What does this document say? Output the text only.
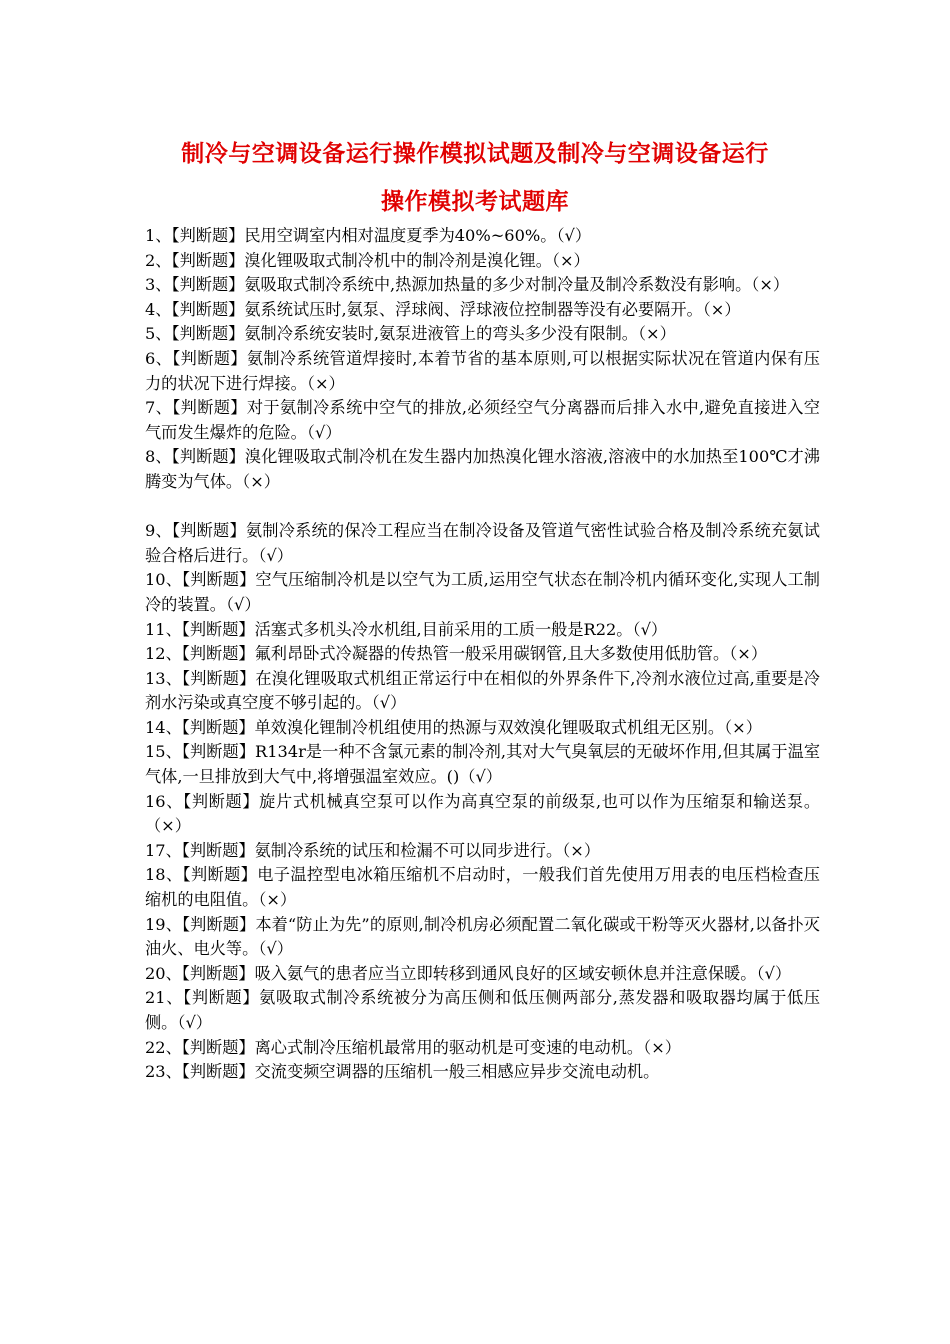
制冷与空调设备运行操作模拟试题及制冷与空调设备运行
操作模拟考试题库

1、【判断题】民用空调室内相对温度夏季为40%~60%。（√）

2、【判断题】溴化锂吸取式制冷机中的制冷剂是溴化锂。（×）

3、【判断题】氨吸取式制冷系统中,热源加热量的多少对制冷量及制冷系数没有影响。（×）

4、【判断题】氨系统试压时,氨泵、浮球阀、浮球液位控制器等没有必要隔开。（×）

5、【判断题】氨制冷系统安装时,氨泵进液管上的弯头多少没有限制。（×）

6、【判断题】氨制冷系统管道焊接时,本着节省的基本原则,可以根据实际状况在管道内保有压力的状况下进行焊接。（×）

7、【判断题】对于氨制冷系统中空气的排放,必须经空气分离器而后排入水中,避免直接进入空气而发生爆炸的危险。（√）

8、【判断题】溴化锂吸取式制冷机在发生器内加热溴化锂水溶液,溶液中的水加热至100℃才沸腾变为气体。（×）

9、【判断题】氨制冷系统的保冷工程应当在制冷设备及管道气密性试验合格及制冷系统充氨试验合格后进行。（√）

10、【判断题】空气压缩制冷机是以空气为工质,运用空气状态在制冷机内循环变化,实现人工制冷的装置。（√）

11、【判断题】活塞式多机头冷水机组,目前采用的工质一般是R22。（√）

12、【判断题】氟利昂卧式冷凝器的传热管一般采用碳钢管,且大多数使用低肋管。（×）

13、【判断题】在溴化锂吸取式机组正常运行中在相似的外界条件下,冷剂水液位过高,重要是冷剂水污染或真空度不够引起的。（√）

14、【判断题】单效溴化锂制冷机组使用的热源与双效溴化锂吸取式机组无区别。（×）

15、【判断题】R134r是一种不含氯元素的制冷剂,其对大气臭氧层的无破坏作用,但其属于温室气体,一旦排放到大气中,将增强温室效应。()（√）

16、【判断题】旋片式机械真空泵可以作为高真空泵的前级泵,也可以作为压缩泵和输送泵。（×）

17、【判断题】氨制冷系统的试压和检漏不可以同步进行。（×）

18、【判断题】电子温控型电冰箱压缩机不启动时，一般我们首先使用万用表的电压档检查压缩机的电阻值。（×）

19、【判断题】本着“防止为先”的原则,制冷机房必须配置二氧化碳或干粉等灭火器材,以备扑灭油火、电火等。（√）

20、【判断题】吸入氨气的患者应当立即转移到通风良好的区域安顿休息并注意保暖。（√）

21、【判断题】氨吸取式制冷系统被分为高压侧和低压侧两部分,蒸发器和吸取器均属于低压侧。（√）

22、【判断题】离心式制冷压缩机最常用的驱动机是可变速的电动机。（×）

23、【判断题】交流变频空调器的压缩机一般三相感应异步交流电动机。
